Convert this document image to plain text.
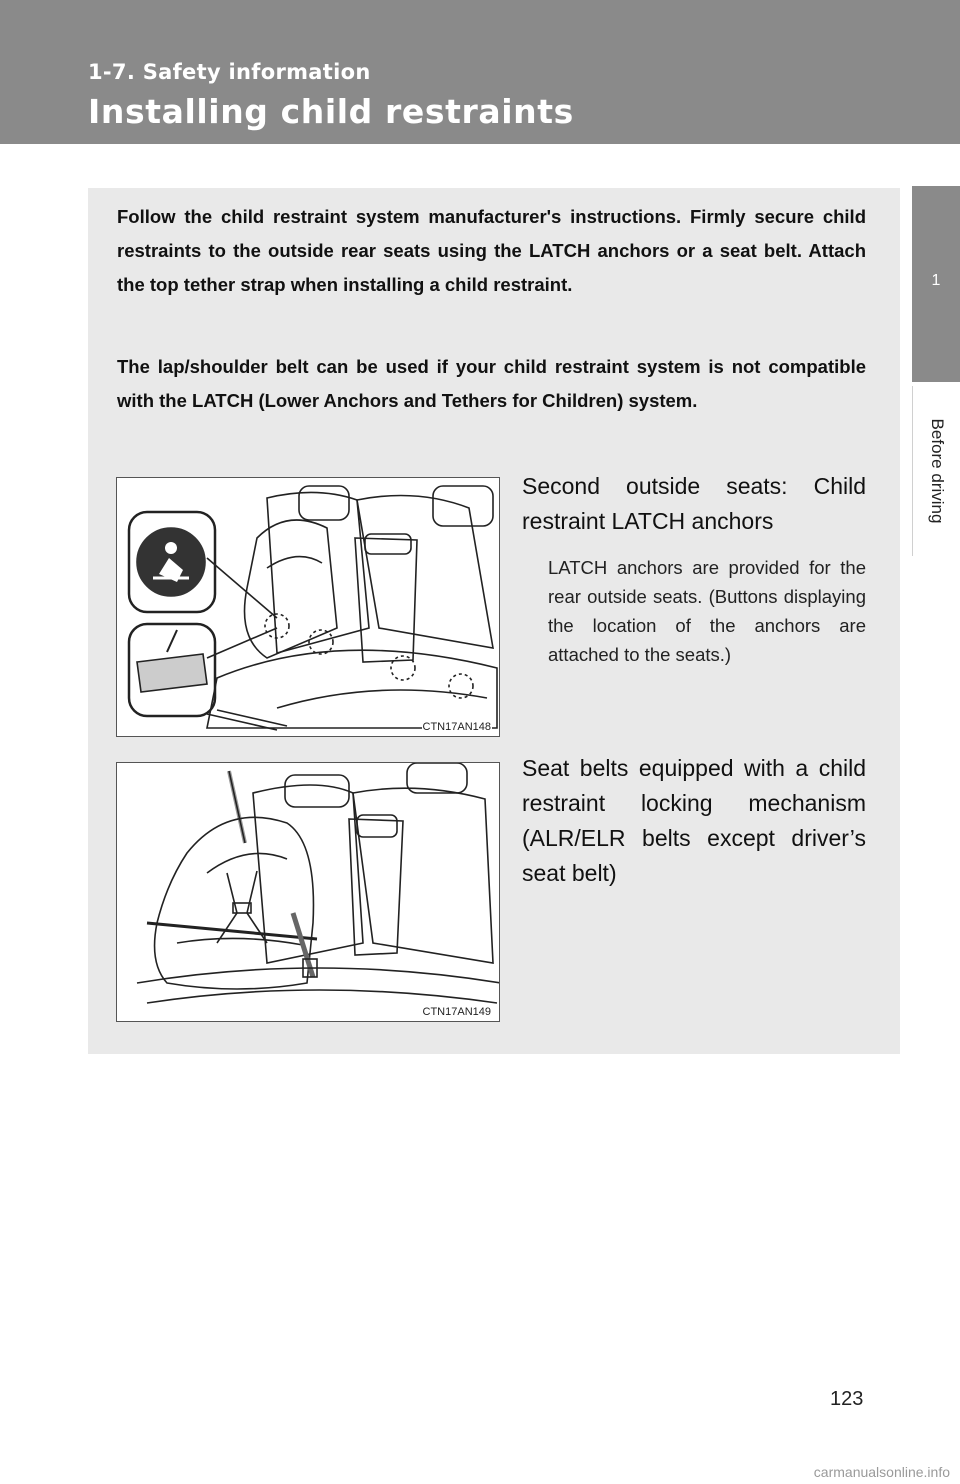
1-7. Safety information
Installing child restraints
1
Before driving

Follow the child restraint system manufacturer's instructions. Firmly secure child restraints to the outside rear seats using the LATCH anchors or a seat belt. Attach the top tether strap when installing a child restraint.

The lap/shoulder belt can be used if your child restraint system is not compatible with the LATCH (Lower Anchors and Tethers for Children) system.

CTN17AN148

Second outside seats: Child restraint LATCH anchors

LATCH anchors are provided for the rear outside seats. (Buttons displaying the location of the anchors are attached to the seats.)

CTN17AN149

Seat belts equipped with a child restraint locking mechanism (ALR/ELR belts except driver’s seat belt)

123
carmanualsonline.info
